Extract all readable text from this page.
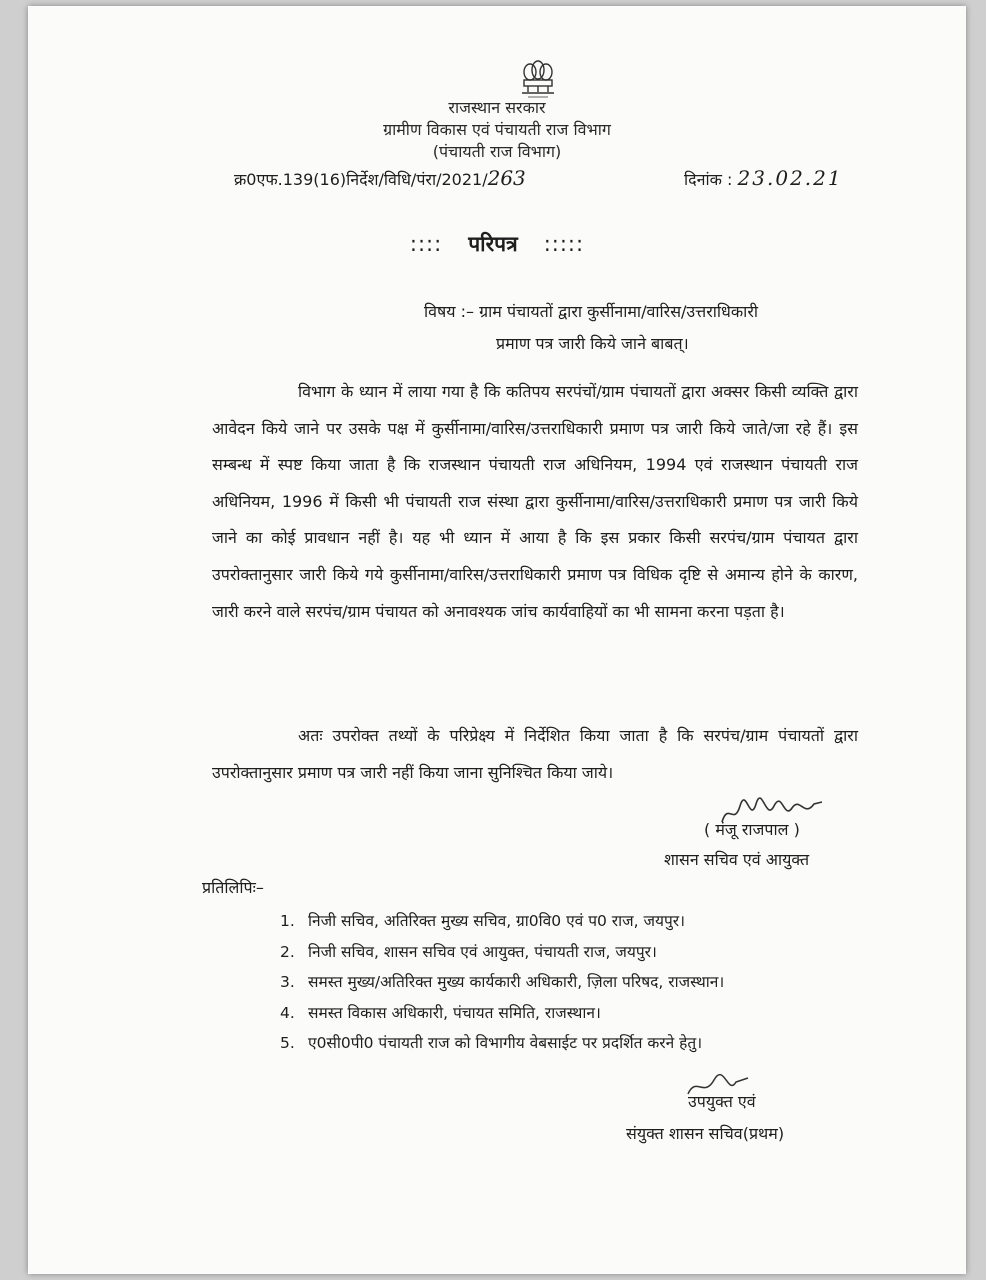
राजस्थान सरकार
ग्रामीण विकास एवं पंचायती राज विभाग
(पंचायती राज विभाग)
क्र0एफ.139(16)निर्देश/विधि/पंरा/2021/263	दिनांक : 23.02.21
:::: परिपत्र :::::
विषय :– ग्राम पंचायतों द्वारा कुर्सीनामा/वारिस/उत्तराधिकारी
प्रमाण पत्र जारी किये जाने बाबत्।
विभाग के ध्यान में लाया गया है कि कतिपय सरपंचों/ग्राम पंचायतों द्वारा अक्सर किसी व्यक्ति द्वारा आवेदन किये जाने पर उसके पक्ष में कुर्सीनामा/वारिस/उत्तराधिकारी प्रमाण पत्र जारी किये जाते/जा रहे हैं। इस सम्बन्ध में स्पष्ट किया जाता है कि राजस्थान पंचायती राज अधिनियम, 1994 एवं राजस्थान पंचायती राज अधिनियम, 1996 में किसी भी पंचायती राज संस्था द्वारा कुर्सीनामा/वारिस/उत्तराधिकारी प्रमाण पत्र जारी किये जाने का कोई प्रावधान नहीं है। यह भी ध्यान में आया है कि इस प्रकार किसी सरपंच/ग्राम पंचायत द्वारा उपरोक्तानुसार जारी किये गये कुर्सीनामा/वारिस/उत्तराधिकारी प्रमाण पत्र विधिक दृष्टि से अमान्य होने के कारण, जारी करने वाले सरपंच/ग्राम पंचायत को अनावश्यक जांच कार्यवाहियों का भी सामना करना पड़ता है।
अतः उपरोक्त तथ्यों के परिप्रेक्ष्य में निर्देशित किया जाता है कि सरपंच/ग्राम पंचायतों द्वारा उपरोक्तानुसार प्रमाण पत्र जारी नहीं किया जाना सुनिश्चित किया जाये।
( मंजू राजपाल )
शासन सचिव एवं आयुक्त
प्रतिलिपिः–
1. निजी सचिव, अतिरिक्त मुख्य सचिव, ग्रा0वि0 एवं प0 राज, जयपुर।
2. निजी सचिव, शासन सचिव एवं आयुक्त, पंचायती राज, जयपुर।
3. समस्त मुख्य/अतिरिक्त मुख्य कार्यकारी अधिकारी, ज़िला परिषद, राजस्थान।
4. समस्त विकास अधिकारी, पंचायत समिति, राजस्थान।
5. ए0सी0पी0 पंचायती राज को विभागीय वेबसाईट पर प्रदर्शित करने हेतु।
उपयुक्त एवं
संयुक्त शासन सचिव(प्रथम)
